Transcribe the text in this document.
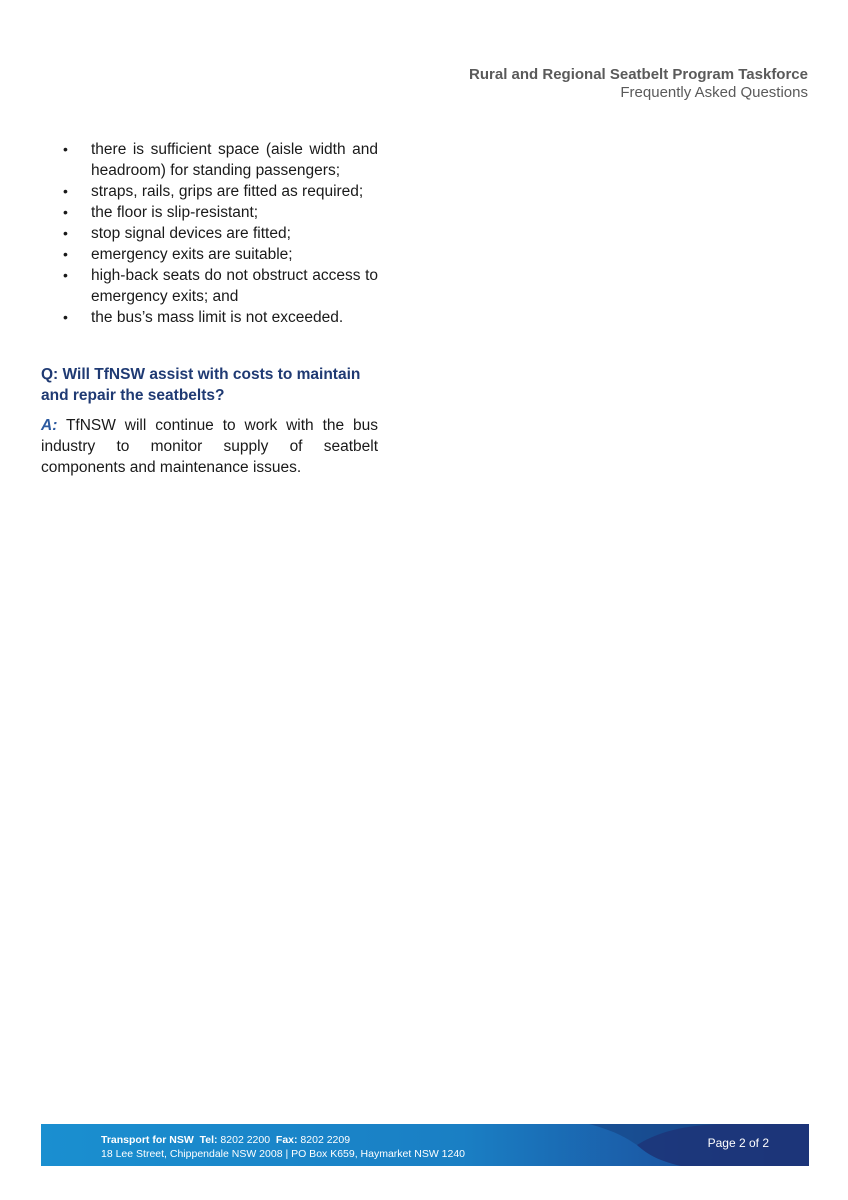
Rural and Regional Seatbelt Program Taskforce
Frequently Asked Questions
• there is sufficient space (aisle width and headroom) for standing passengers;
• straps, rails, grips are fitted as required;
• the floor is slip-resistant;
• stop signal devices are fitted;
• emergency exits are suitable;
• high-back seats do not obstruct access to emergency exits; and
• the bus’s mass limit is not exceeded.
Q: Will TfNSW assist with costs to maintain and repair the seatbelts?
A: TfNSW will continue to work with the bus industry to monitor supply of seatbelt components and maintenance issues.
Transport for NSW Tel: 8202 2200 Fax: 8202 2209
18 Lee Street, Chippendale NSW 2008 | PO Box K659, Haymarket NSW 1240
Page 2 of 2
